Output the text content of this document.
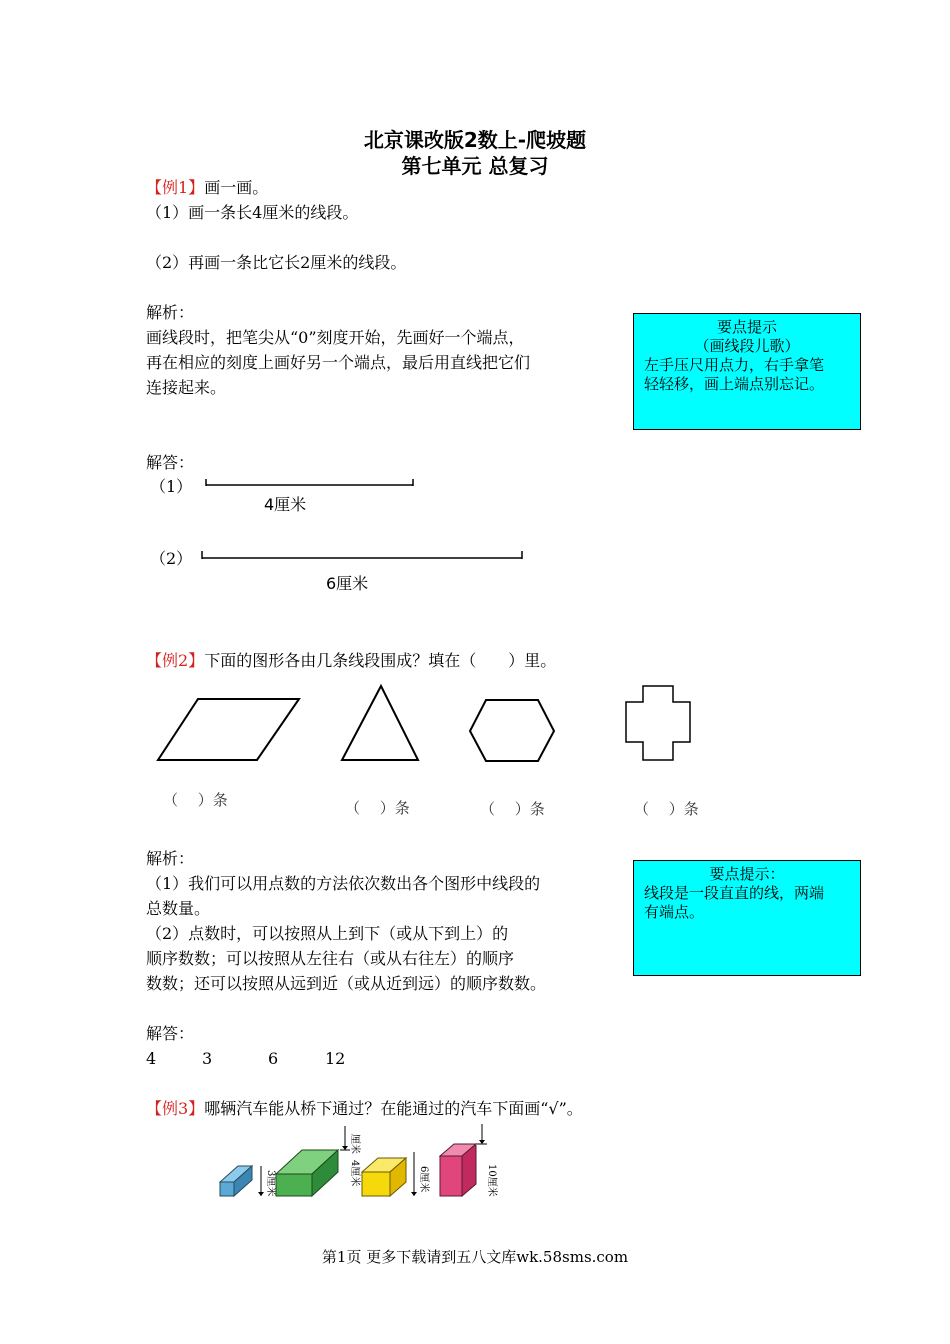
北京课改版2数上-爬坡题
第七单元 总复习
【例1】画一画。
（1）画一条长4厘米的线段。
（2）再画一条比它长2厘米的线段。
解析：
画线段时，把笔尖从“0”刻度开始，先画好一个端点，
再在相应的刻度上画好另一个端点，最后用直线把它们
连接起来。
要点提示
（画线段儿歌）
左手压尺用点力，右手拿笔
轻轻移，画上端点别忘记。
解答：
（1）
4厘米
（2）
6厘米
【例2】下面的图形各由几条线段围成？填在（　　）里。
（　 ）条	（　 ）条	（　 ）条	（　 ）条
解析：
（1）我们可以用点数的方法依次数出各个图形中线段的
总数量。
（2）点数时，可以按照从上到下（或从下到上）的
顺序数数；可以按照从左往右（或从右往左）的顺序
数数；还可以按照从远到近（或从近到远）的顺序数数。
要点提示：
线段是一段直直的线，两端
有端点。
解答：
4	3	6	12
【例3】哪辆汽车能从桥下通过？在能通过的汽车下面画“√”。
3厘米
厘米
4厘米	6厘米	10厘米
第1页 更多下载请到五八文库wk.58sms.com
